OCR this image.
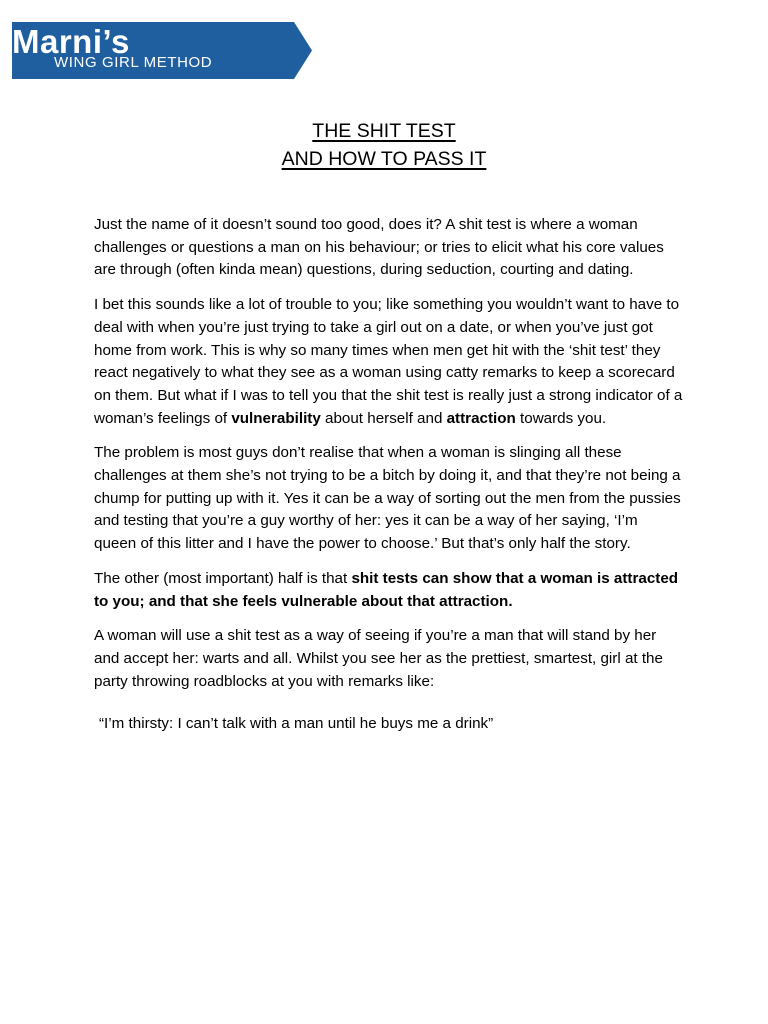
Marni’s
WING GIRL METHOD
THE SHIT TEST
AND HOW TO PASS IT

Just the name of it doesn’t sound too good, does it? A shit test is where a woman challenges or questions a man on his behaviour; or tries to elicit what his core values are through (often kinda mean) questions, during seduction, courting and dating.

I bet this sounds like a lot of trouble to you; like something you wouldn’t want to have to deal with when you’re just trying to take a girl out on a date, or when you’ve just got home from work. This is why so many times when men get hit with the ‘shit test’ they react negatively to what they see as a woman using catty remarks to keep a scorecard on them. But what if I was to tell you that the shit test is really just a strong indicator of a woman’s feelings of vulnerability about herself and attraction towards you.

The problem is most guys don’t realise that when a woman is slinging all these challenges at them she’s not trying to be a bitch by doing it, and that they’re not being a chump for putting up with it. Yes it can be a way of sorting out the men from the pussies and testing that you’re a guy worthy of her: yes it can be a way of her saying, ‘I’m queen of this litter and I have the power to choose.’ But that’s only half the story.

The other (most important) half is that shit tests can show that a woman is attracted to you; and that she feels vulnerable about that attraction.

A woman will use a shit test as a way of seeing if you’re a man that will stand by her and accept her: warts and all. Whilst you see her as the prettiest, smartest, girl at the party throwing roadblocks at you with remarks like:

“I’m thirsty: I can’t talk with a man until he buys me a drink”
